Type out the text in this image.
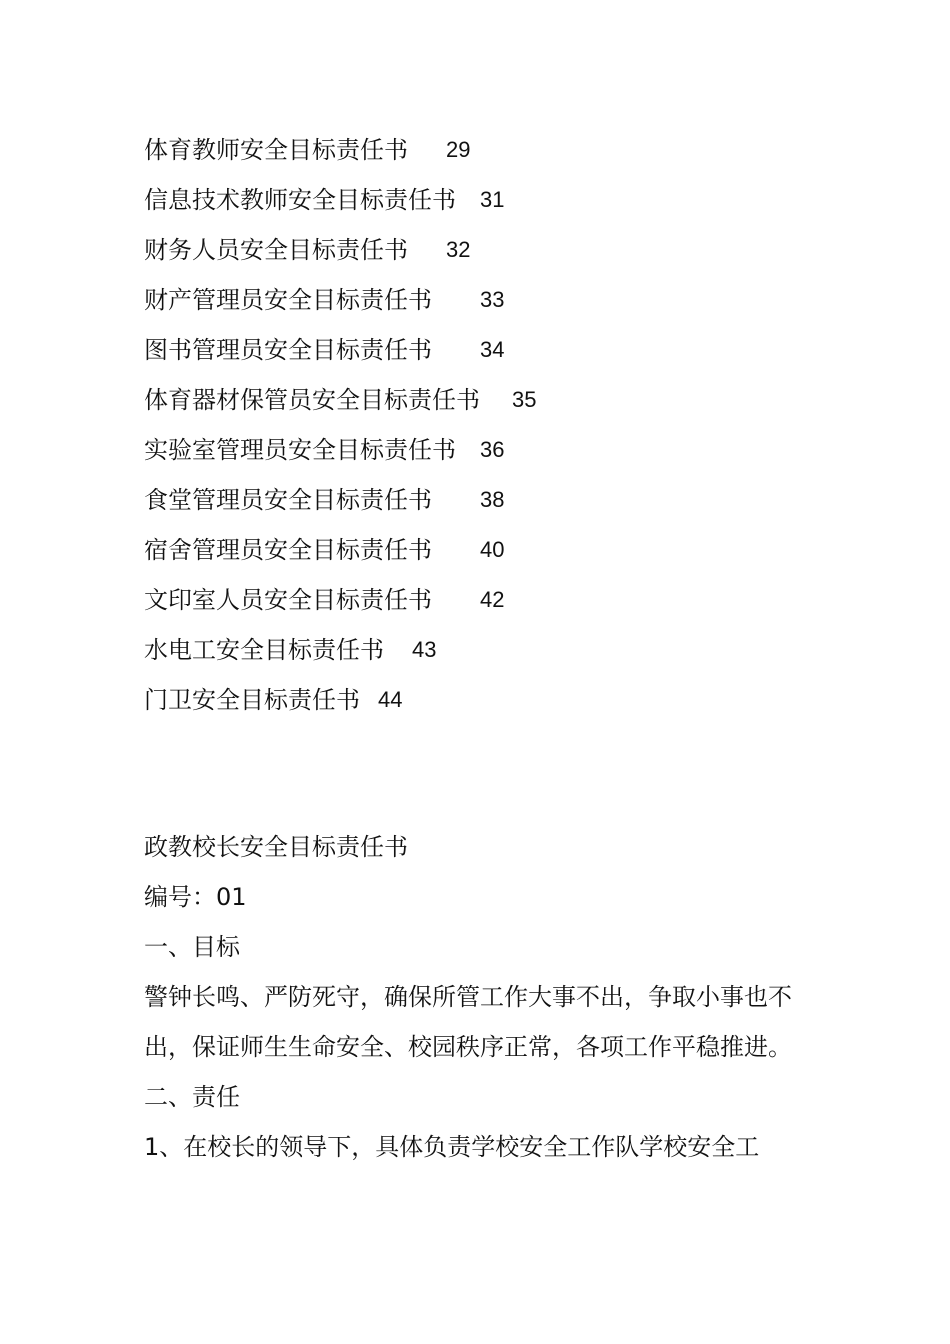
体育教师安全目标责任书 29
信息技术教师安全目标责任书 31
财务人员安全目标责任书 32
财产管理员安全目标责任书 33
图书管理员安全目标责任书 34
体育器材保管员安全目标责任书 35
实验室管理员安全目标责任书 36
食堂管理员安全目标责任书 38
宿舍管理员安全目标责任书 40
文印室人员安全目标责任书 42
水电工安全目标责任书 43
门卫安全目标责任书 44

政教校长安全目标责任书

编号：01

一、目标

警钟长鸣、严防死守，确保所管工作大事不出，争取小事也不出，保证师生生命安全、校园秩序正常，各项工作平稳推进。

二、责任

1、在校长的领导下，具体负责学校安全工作队学校安全工
